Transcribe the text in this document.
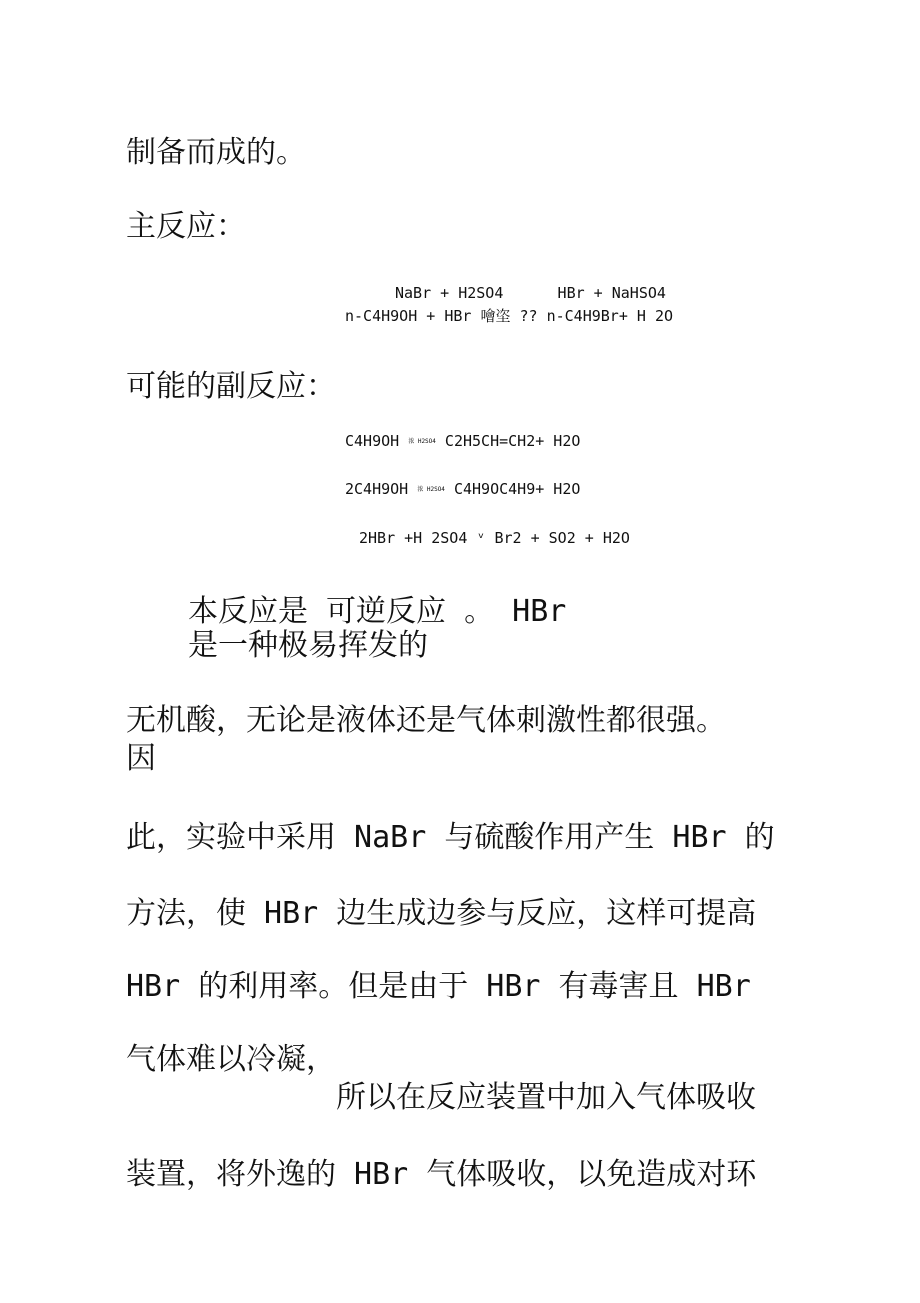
制备而成的。
主反应：
NaBr + H2SO4      HBr + NaHSO4
n-C4H9OH + HBr 噲垐 ?? n-C4H9Br+ H 2O
可能的副反应：
C4H9OH $^{浓 H2SO4}$ C2H5CH=CH2+ H2O
2C4H9OH $^{浓 H2SO4}$ C4H9OC4H9+ H2O
2HBr +H 2SO4 ᵛ Br2 + SO2 + H2O
本反应是 可逆反应 。 HBr
是一种极易挥发的
无机酸，无论是液体还是气体刺激性都很强。
因
此，实验中采用 NaBr 与硫酸作用产生 HBr 的
方法，使 HBr 边生成边参与反应，这样可提高
HBr 的利用率。但是由于 HBr 有毒害且 HBr
气体难以冷凝，
所以在反应装置中加入气体吸收
装置，将外逸的 HBr 气体吸收，以免造成对环
